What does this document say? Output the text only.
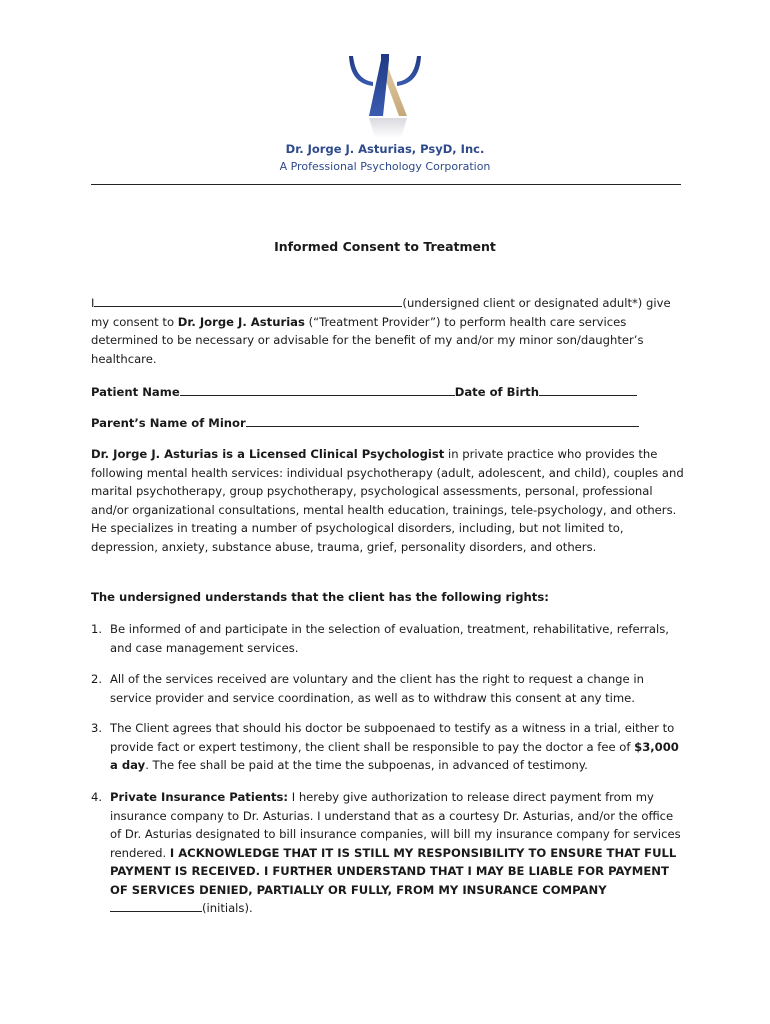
Dr. Jorge J. Asturias, PsyD, Inc.
A Professional Psychology Corporation
Informed Consent to Treatment
I	(undersigned client or designated adult*) give my consent to Dr. Jorge J. Asturias (“Treatment Provider”) to perform health care services determined to be necessary or advisable for the benefit of my and/or my minor son/daughter’s healthcare.
Patient Name	Date of Birth
Parent’s Name of Minor
Dr. Jorge J. Asturias is a Licensed Clinical Psychologist in private practice who provides the following mental health services: individual psychotherapy (adult, adolescent, and child), couples and marital psychotherapy, group psychotherapy, psychological assessments, personal, professional and/or organizational consultations, mental health education, trainings, tele-psychology, and others. He specializes in treating a number of psychological disorders, including, but not limited to, depression, anxiety, substance abuse, trauma, grief, personality disorders, and others.
The undersigned understands that the client has the following rights:
1. Be informed of and participate in the selection of evaluation, treatment, rehabilitative, referrals, and case management services.
2. All of the services received are voluntary and the client has the right to request a change in service provider and service coordination, as well as to withdraw this consent at any time.
3. The Client agrees that should his doctor be subpoenaed to testify as a witness in a trial, either to provide fact or expert testimony, the client shall be responsible to pay the doctor a fee of $3,000 a day. The fee shall be paid at the time the subpoenas, in advanced of testimony.
4. Private Insurance Patients: I hereby give authorization to release direct payment from my insurance company to Dr. Asturias. I understand that as a courtesy Dr. Asturias, and/or the office of Dr. Asturias designated to bill insurance companies, will bill my insurance company for services rendered. I ACKNOWLEDGE THAT IT IS STILL MY RESPONSIBILITY TO ENSURE THAT FULL PAYMENT IS RECEIVED. I FURTHER UNDERSTAND THAT I MAY BE LIABLE FOR PAYMENT OF SERVICES DENIED, PARTIALLY OR FULLY, FROM MY INSURANCE COMPANY(initials).
